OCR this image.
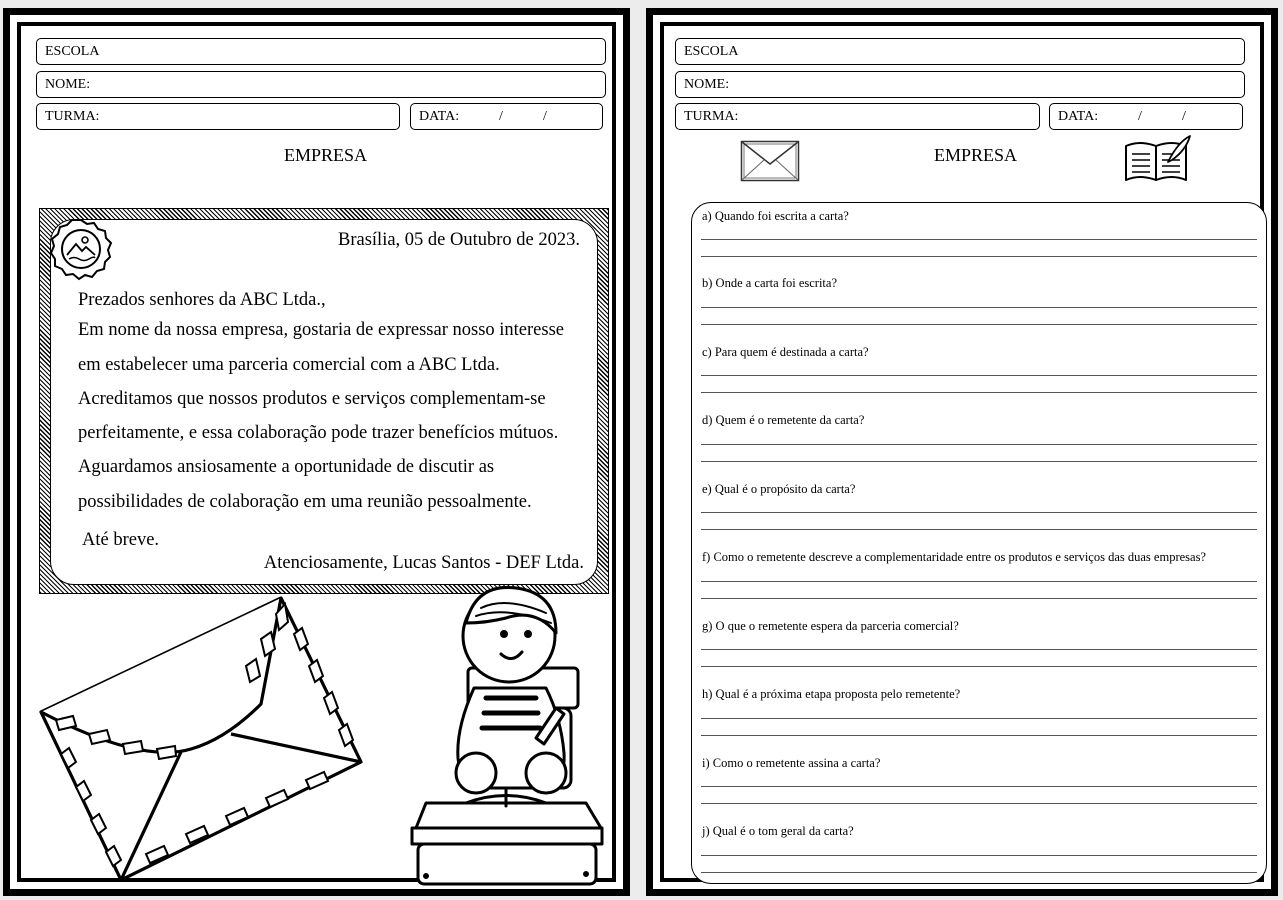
ESCOLA
NOME:
TURMA:	DATA:	/	/
EMPRESA
Brasília, 05 de Outubro de 2023.
Prezados senhores da ABC Ltda.,
Em nome da nossa empresa, gostaria de expressar nosso interesse
em estabelecer uma parceria comercial com a ABC Ltda.
Acreditamos que nossos produtos e serviços complementam-se
perfeitamente, e essa colaboração pode trazer benefícios mútuos.
Aguardamos ansiosamente a oportunidade de discutir as
possibilidades de colaboração em uma reunião pessoalmente.
Até breve.
Atenciosamente, Lucas Santos - DEF Ltda.
ESCOLA
NOME:
TURMA:	DATA:	/	/
EMPRESA
a) Quando foi escrita a carta?
b) Onde a carta foi escrita?
c) Para quem é destinada a carta?
d) Quem é o remetente da carta?
e) Qual é o propósito da carta?
f) Como o remetente descreve a complementaridade entre os produtos e serviços das duas empresas?
g) O que o remetente espera da parceria comercial?
h) Qual é a próxima etapa proposta pelo remetente?
i) Como o remetente assina a carta?
j) Qual é o tom geral da carta?
